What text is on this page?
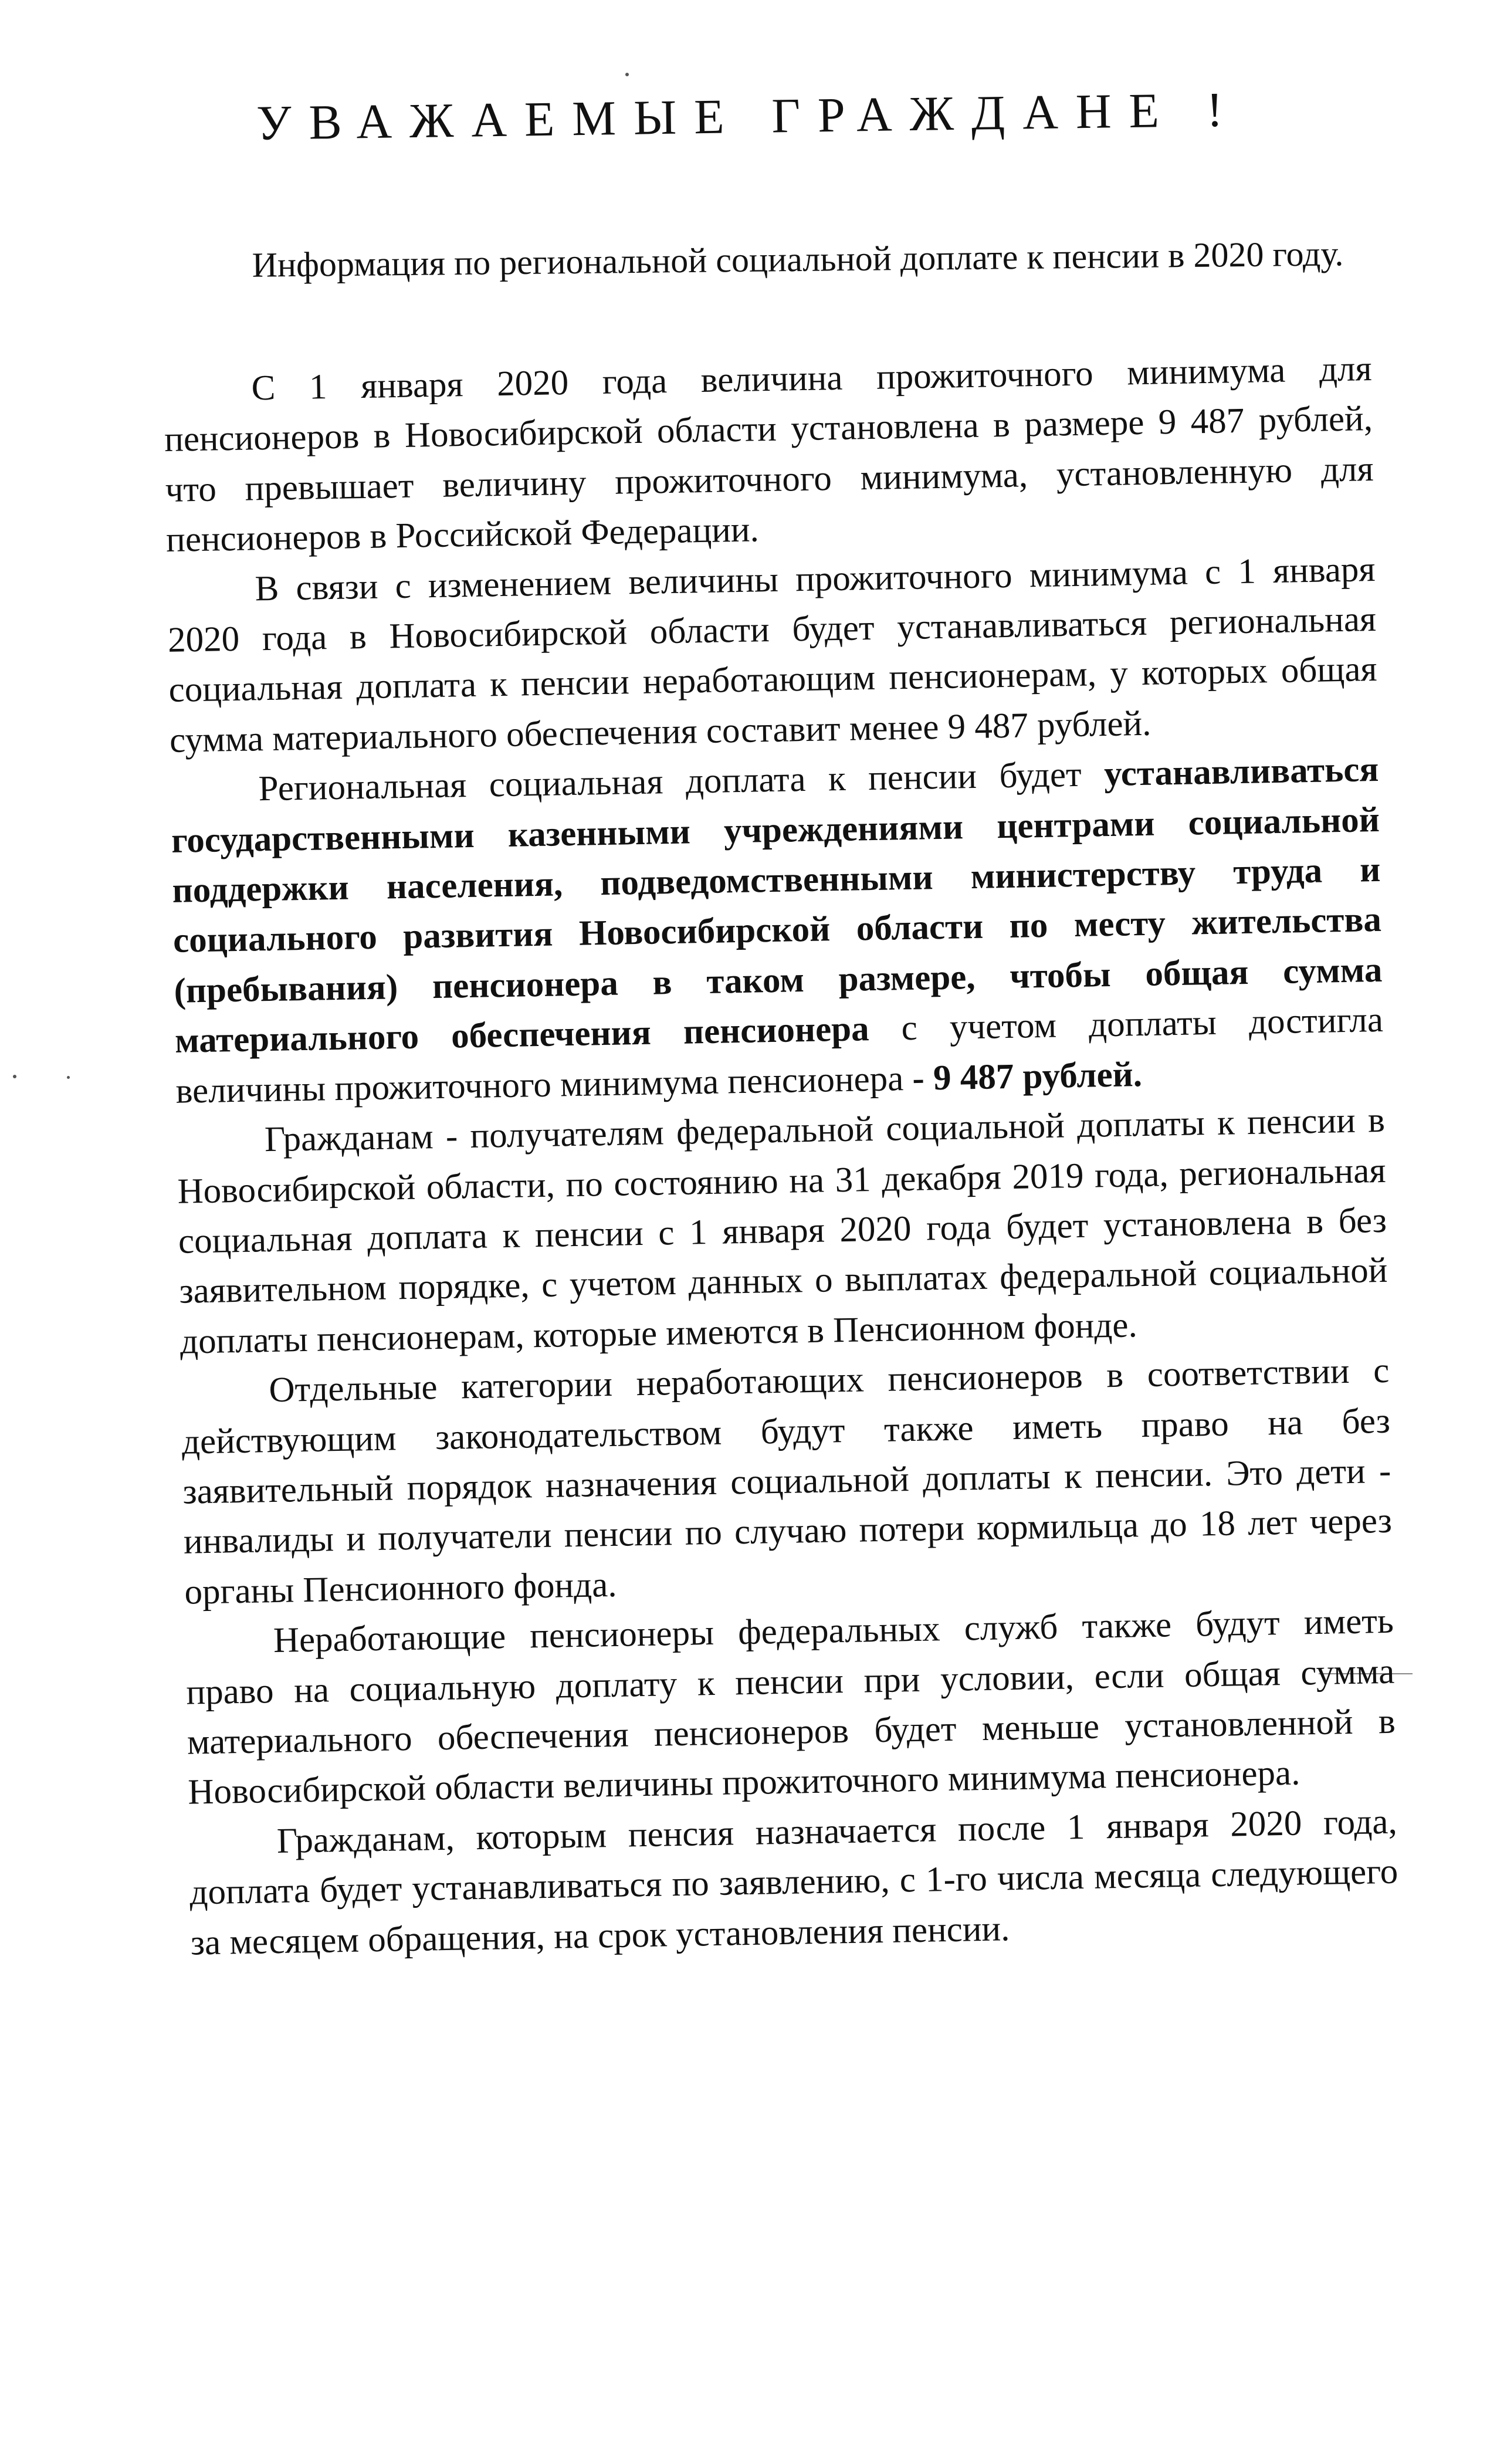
УВАЖАЕМЫЕ ГРАЖДАНЕ !
Информация по региональной социальной доплате к пенсии в 2020 году.

С 1 января 2020 года величина прожиточного минимума для пенсионеров в Новосибирской области установлена в размере 9 487 рублей, что превышает величину прожиточного минимума, установленную для пенсионеров в Российской Федерации.

В связи с изменением величины прожиточного минимума с 1 января 2020 года в Новосибирской области будет устанавливаться региональная социальная доплата к пенсии неработающим пенсионерам, у которых общая сумма материального обеспечения составит менее 9 487 рублей.

Региональная социальная доплата к пенсии будет устанавливаться государственными казенными учреждениями центрами социальной поддержки населения, подведомственными министерству труда и социального развития Новосибирской области по месту жительства (пребывания) пенсионера в таком размере, чтобы общая сумма материального обеспечения пенсионера с учетом доплаты достигла величины прожиточного минимума пенсионера - 9 487 рублей.

Гражданам - получателям федеральной социальной доплаты к пенсии в Новосибирской области, по состоянию на 31 декабря 2019 года, региональная социальная доплата к пенсии с 1 января 2020 года будет установлена в без заявительном порядке, с учетом данных о выплатах федеральной социальной доплаты пенсионерам, которые имеются в Пенсионном фонде.

Отдельные категории неработающих пенсионеров в соответствии с действующим законодательством будут также иметь право на без заявительный порядок назначения социальной доплаты к пенсии. Это дети - инвалиды и получатели пенсии по случаю потери кормильца до 18 лет через органы Пенсионного фонда.

Неработающие пенсионеры федеральных служб также будут иметь право на социальную доплату к пенсии при условии, если общая сумма материального обеспечения пенсионеров будет меньше установленной в Новосибирской области величины прожиточного минимума пенсионера.

Гражданам, которым пенсия назначается после 1 января 2020 года, доплата будет устанавливаться по заявлению, с 1-го числа месяца следующего за месяцем обращения, на срок установления пенсии.
